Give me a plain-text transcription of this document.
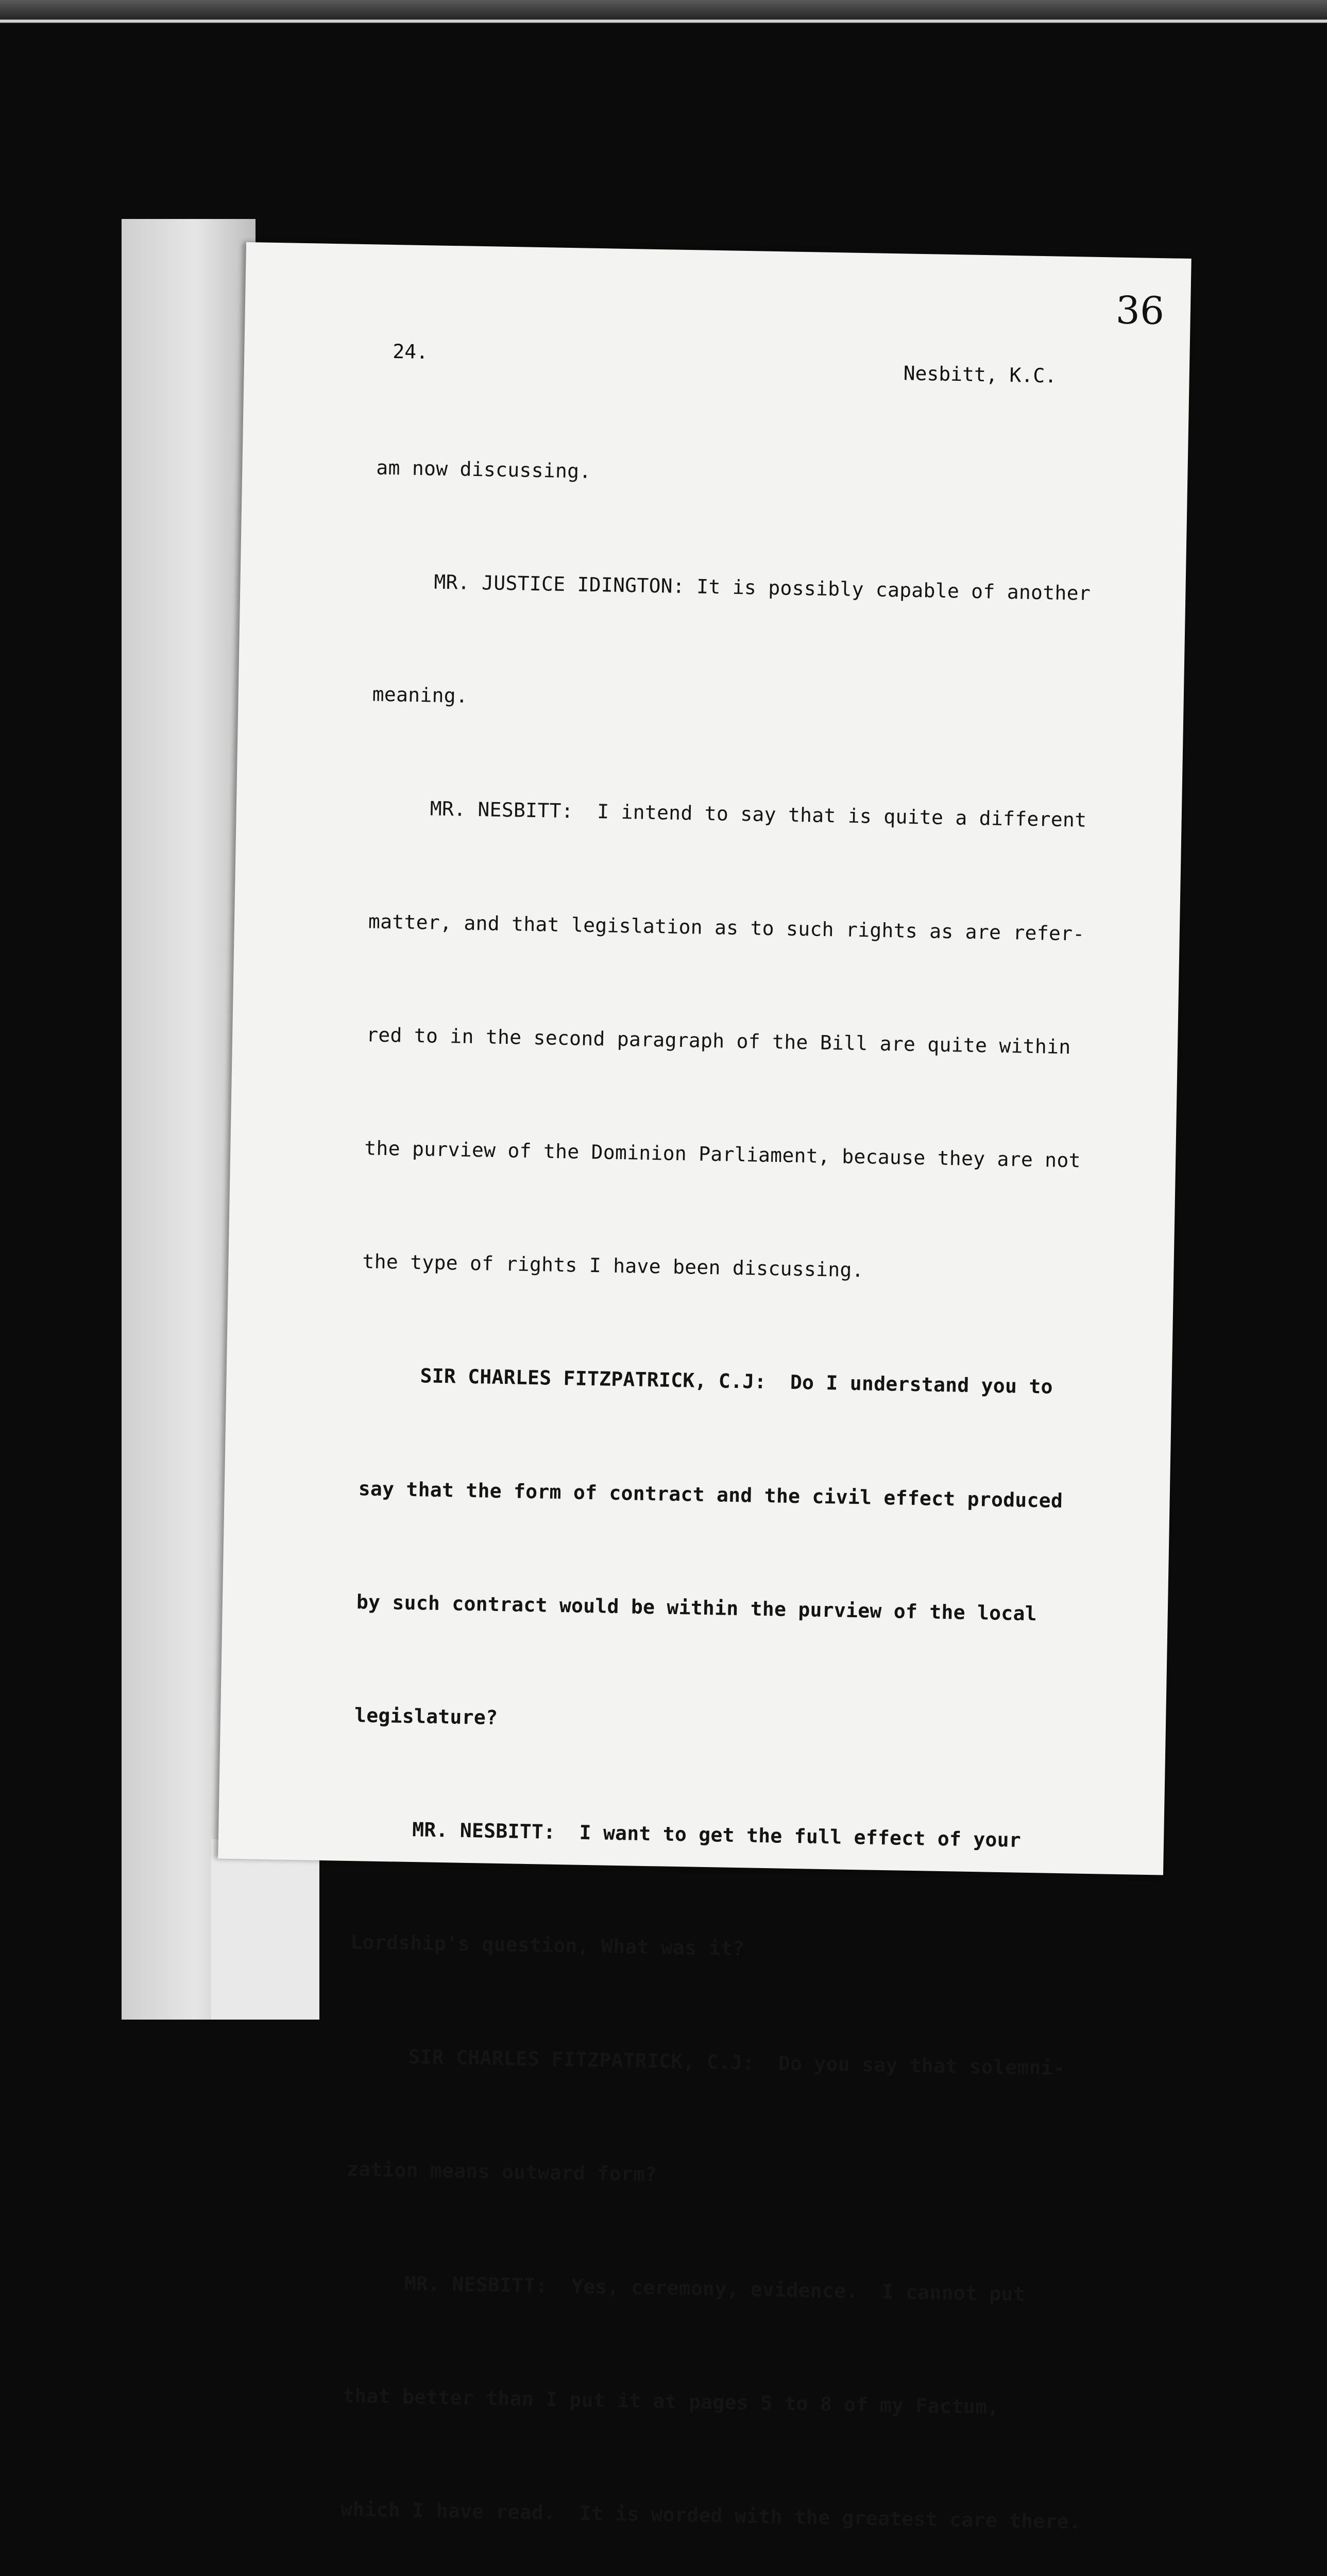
36
24.
Nesbitt, K.C.

am now discussing.

MR. JUSTICE IDINGTON: It is possibly capable of another

meaning.

MR. NESBITT:  I intend to say that is quite a different

matter, and that legislation as to such rights as are refer-

red to in the second paragraph of the Bill are quite within

the purview of the Dominion Parliament, because they are not

the type of rights I have been discussing.

SIR CHARLES FITZPATRICK, C.J:  Do I understand you to

say that the form of contract and the civil effect produced

by such contract would be within the purview of the local

legislature?

MR. NESBITT:  I want to get the full effect of your

Lordship's question, What was it?

SIR CHARLES FITZPATRICK, C.J:  Do you say that solemni-

zation means outward form?

MR. NESBITT:  Yes, ceremony, evidence.  I cannot put

that better than I put it at pages 5 to 8 of my Factum,

which I have read.  It is worded with the greatest care there.
